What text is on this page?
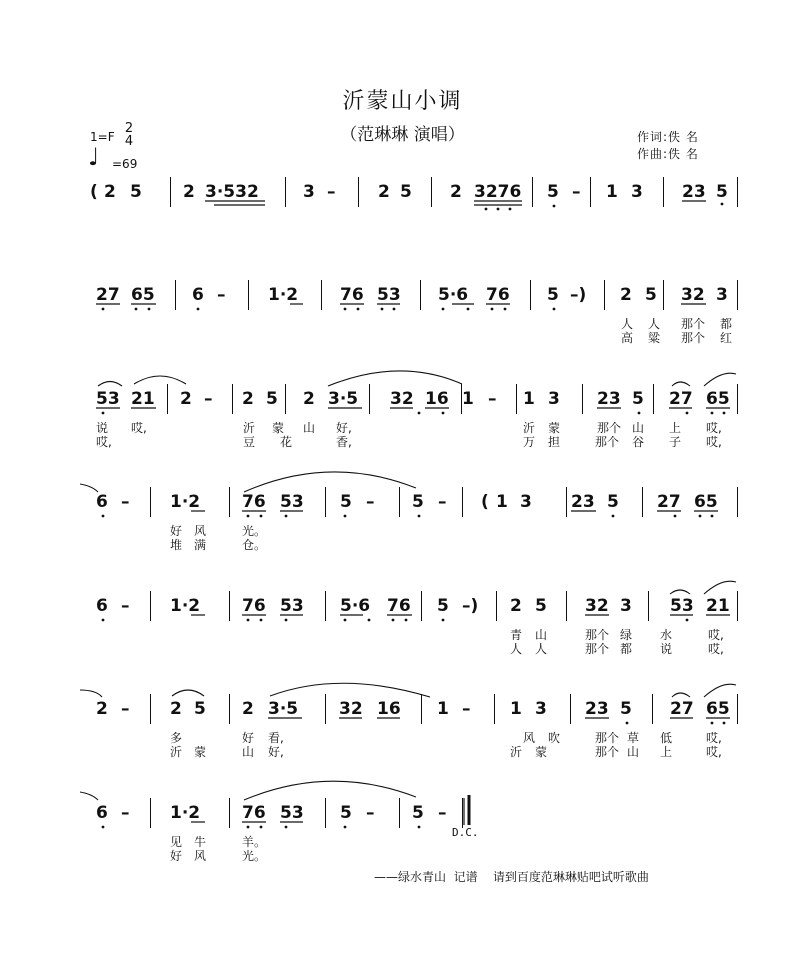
沂蒙山小调
（范琳琳 演唱）
1=F
2
4
♩ =69
作词:佚 名
作曲:佚 名
( 2 5 2 3·532	3 –	2 5 2 3276 5 – 1 3 23 5
27 65 6 –	1·2 76 53 5·6 76 5 –) 2 5 32 3
人 人 那个 都
高 粱 那个 红
53 21 2 – 2 5 2 3·5 32 16 1 – 1 3 23 5 27 65
说 哎,	沂 蒙 山 好,	沂 蒙	那个 山 上 哎,
哎,	豆 花	香,	万 担	那个 谷 子 哎,
6 – 1·2 76 53 5 – 5 – ( 1 3 23 5 27 65
好 风	光。
堆 满	仓。
6 – 1·2 76 53 5·6 76 5 –) 2 5 32 3 53 21
青 山	那个 绿 水	哎,
人 人	那个 都 说	哎,
2 – 2 5 2 3·5 32 16 1 – 1 3 23 5 27 65
多	好 看,	风 吹	那个 草 低	哎,
沂 蒙	山 好,	沂 蒙	那个 山 上	哎,
6 – 1·2 76 53 5 – 5 –
见 牛	羊。
好 风	光。
D.C.
——绿水青山  记谱    请到百度范琳琳贴吧试听歌曲
